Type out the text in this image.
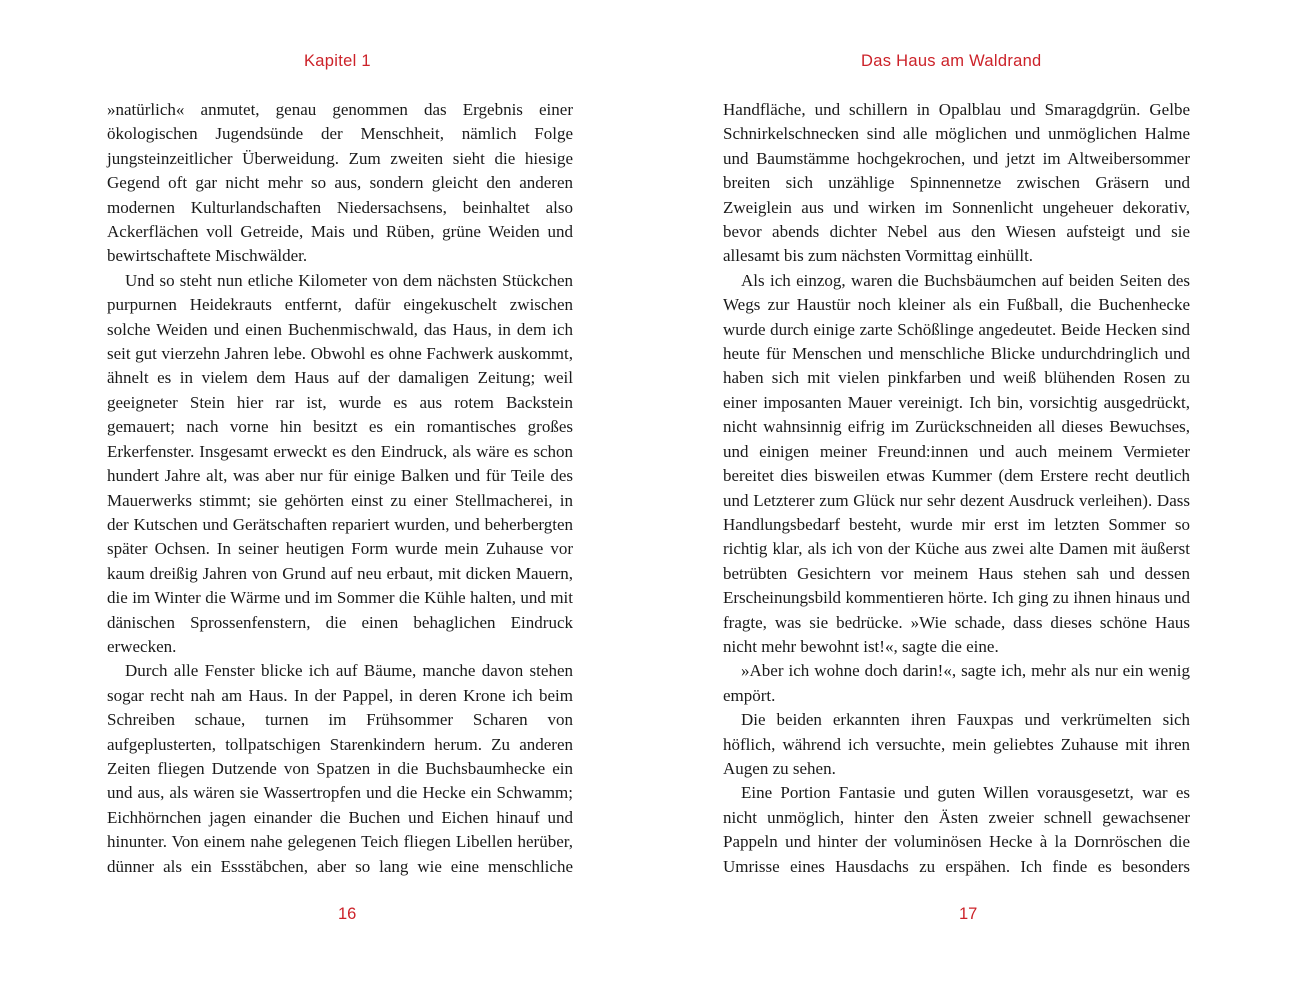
Kapitel 1

»natürlich« anmutet, genau genommen das Ergebnis einer ökologischen Jugendsünde der Menschheit, nämlich Folge jungsteinzeitlicher Überweidung. Zum zweiten sieht die hiesige Gegend oft gar nicht mehr so aus, sondern gleicht den anderen modernen Kulturlandschaften Niedersachsens, beinhaltet also Ackerflächen voll Getreide, Mais und Rüben, grüne Weiden und bewirtschaftete Mischwälder.

Und so steht nun etliche Kilometer von dem nächsten Stückchen purpurnen Heidekrauts entfernt, dafür eingekuschelt zwischen solche Weiden und einen Buchenmischwald, das Haus, in dem ich seit gut vierzehn Jahren lebe. Obwohl es ohne Fachwerk auskommt, ähnelt es in vielem dem Haus auf der damaligen Zeitung; weil geeigneter Stein hier rar ist, wurde es aus rotem Backstein gemauert; nach vorne hin besitzt es ein romantisches großes Erkerfenster. Insgesamt erweckt es den Eindruck, als wäre es schon hundert Jahre alt, was aber nur für einige Balken und für Teile des Mauerwerks stimmt; sie gehörten einst zu einer Stellmacherei, in der Kutschen und Gerätschaften repariert wurden, und beherbergten später Ochsen. In seiner heutigen Form wurde mein Zuhause vor kaum dreißig Jahren von Grund auf neu erbaut, mit dicken Mauern, die im Winter die Wärme und im Sommer die Kühle halten, und mit dänischen Sprossenfenstern, die einen behaglichen Eindruck erwecken.

Durch alle Fenster blicke ich auf Bäume, manche davon stehen sogar recht nah am Haus. In der Pappel, in deren Krone ich beim Schreiben schaue, turnen im Frühsommer Scharen von aufgeplusterten, tollpatschigen Starenkindern herum. Zu anderen Zeiten fliegen Dutzende von Spatzen in die Buchsbaumhecke ein und aus, als wären sie Wassertropfen und die Hecke ein Schwamm; Eichhörnchen jagen einander die Buchen und Eichen hinauf und hinunter. Von einem nahe gelegenen Teich fliegen Libellen herüber, dünner als ein Essstäbchen, aber so lang wie eine menschliche

16
Das Haus am Waldrand

Handfläche, und schillern in Opalblau und Smaragdgrün. Gelbe Schnirkelschnecken sind alle möglichen und unmöglichen Halme und Baumstämme hochgekrochen, und jetzt im Altweibersommer breiten sich unzählige Spinnennetze zwischen Gräsern und Zweiglein aus und wirken im Sonnenlicht ungeheuer dekorativ, bevor abends dichter Nebel aus den Wiesen aufsteigt und sie allesamt bis zum nächsten Vormittag einhüllt.

Als ich einzog, waren die Buchsbäumchen auf beiden Seiten des Wegs zur Haustür noch kleiner als ein Fußball, die Buchenhecke wurde durch einige zarte Schößlinge angedeutet. Beide Hecken sind heute für Menschen und menschliche Blicke undurchdringlich und haben sich mit vielen pinkfarben und weiß blühenden Rosen zu einer imposanten Mauer vereinigt. Ich bin, vorsichtig ausgedrückt, nicht wahnsinnig eifrig im Zurückschneiden all dieses Bewuchses, und einigen meiner Freund:innen und auch meinem Vermieter bereitet dies bisweilen etwas Kummer (dem Erstere recht deutlich und Letzterer zum Glück nur sehr dezent Ausdruck verleihen). Dass Handlungsbedarf besteht, wurde mir erst im letzten Sommer so richtig klar, als ich von der Küche aus zwei alte Damen mit äußerst betrübten Gesichtern vor meinem Haus stehen sah und dessen Erscheinungsbild kommentieren hörte. Ich ging zu ihnen hinaus und fragte, was sie bedrücke. »Wie schade, dass dieses schöne Haus nicht mehr bewohnt ist!«, sagte die eine.

»Aber ich wohne doch darin!«, sagte ich, mehr als nur ein wenig empört.

Die beiden erkannten ihren Fauxpas und verkrümelten sich höflich, während ich versuchte, mein geliebtes Zuhause mit ihren Augen zu sehen.

Eine Portion Fantasie und guten Willen vorausgesetzt, war es nicht unmöglich, hinter den Ästen zweier schnell gewachsener Pappeln und hinter der voluminösen Hecke à la Dornröschen die Umrisse eines Hausdachs zu erspähen. Ich finde es besonders

17
